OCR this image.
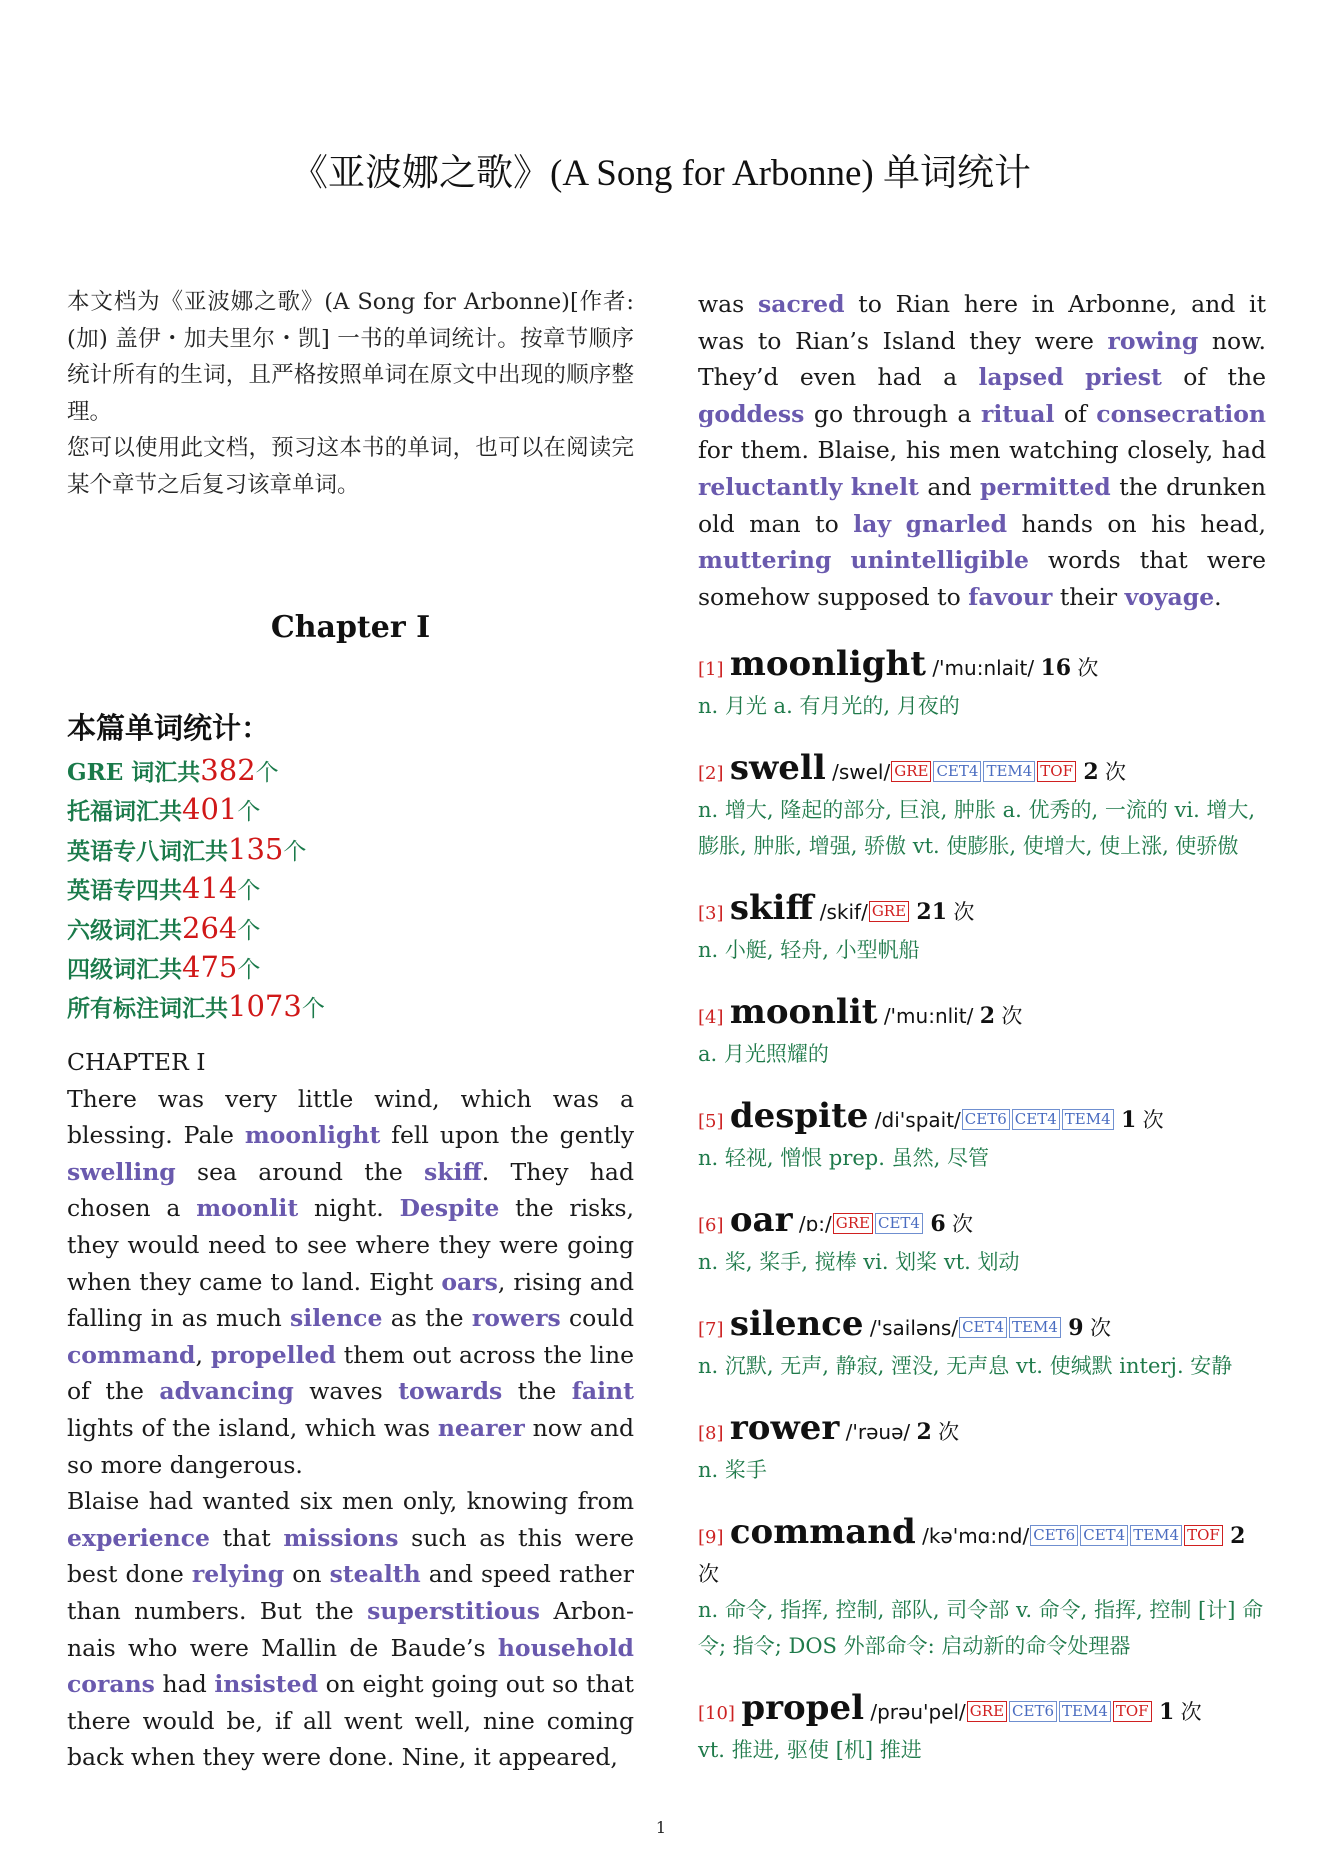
《亚波娜之歌》(A Song for Arbonne) 单词统计

本文档为《亚波娜之歌》(A Song for Arbonne)[作者: (加) 盖伊・加夫里尔・凯] 一书的单词统计。按章节顺序统计所有的生词，且严格按照单词在原文中出现的顺序整理。

您可以使用此文档，预习这本书的单词，也可以在阅读完某个章节之后复习该章单词。

Chapter I
本篇单词统计：
GRE 词汇共382个
托福词汇共401个
英语专八词汇共135个
英语专四共414个
六级词汇共264个
四级词汇共475个
所有标注词汇共1073个

CHAPTER I

There was very little wind, which was a blessing. Pale moonlight fell upon the gently swelling sea around the skiff. They had chosen a moonlit night. Despite the risks, they would need to see where they were going when they came to land. Eight oars, rising and falling in as much silence as the rowers could command, propelled them out across the line of the advancing waves towards the faint lights of the island, which was nearer now and so more dangerous.

Blaise had wanted six men only, knowing from experience that missions such as this were best done relying on stealth and speed rather than numbers. But the superstitious Arbonnais who were Mallin de Baude’s household corans had insisted on eight going out so that there would be, if all went well, nine coming back when they were done. Nine, it appeared,

was sacred to Rian here in Arbonne, and it was to Rian’s Island they were rowing now. They’d even had a lapsed priest of the goddess go through a ritual of consecration for them. Blaise, his men watching closely, had reluctantly knelt and permitted the drunken old man to lay gnarled hands on his head, muttering unintelligible words that were somehow supposed to favour their voyage.

[1] moonlight /'mu:nlait/ 16 次
n. 月光 a. 有月光的, 月夜的
[2] swell /swel/ GRE CET4 TEM4 TOF 2 次
n. 增大, 隆起的部分, 巨浪, 肿胀 a. 优秀的, 一流的 vi. 增大, 膨胀, 肿胀, 增强, 骄傲 vt. 使膨胀, 使增大, 使上涨, 使骄傲
[3] skiff /skif/ GRE 21 次
n. 小艇, 轻舟, 小型帆船
[4] moonlit /'mu:nlit/ 2 次
a. 月光照耀的
[5] despite /di'spait/ CET6 CET4 TEM4 1 次
n. 轻视, 憎恨 prep. 虽然, 尽管
[6] oar /ɒ:/ GRE CET4 6 次
n. 桨, 桨手, 搅棒 vi. 划桨 vt. 划动
[7] silence /'sailəns/ CET4 TEM4 9 次
n. 沉默, 无声, 静寂, 湮没, 无声息 vt. 使缄默 interj. 安静
[8] rower /'rəuə/ 2 次
n. 桨手
[9] command /kə'mɑ:nd/ CET6 CET4 TEM4 TOF 2 次
n. 命令, 指挥, 控制, 部队, 司令部 v. 命令, 指挥, 控制 [计] 命令; 指令; DOS 外部命令: 启动新的命令处理器
[10] propel /prəu'pel/ GRE CET6 TEM4 TOF 1 次
vt. 推进, 驱使 [机] 推进
1
